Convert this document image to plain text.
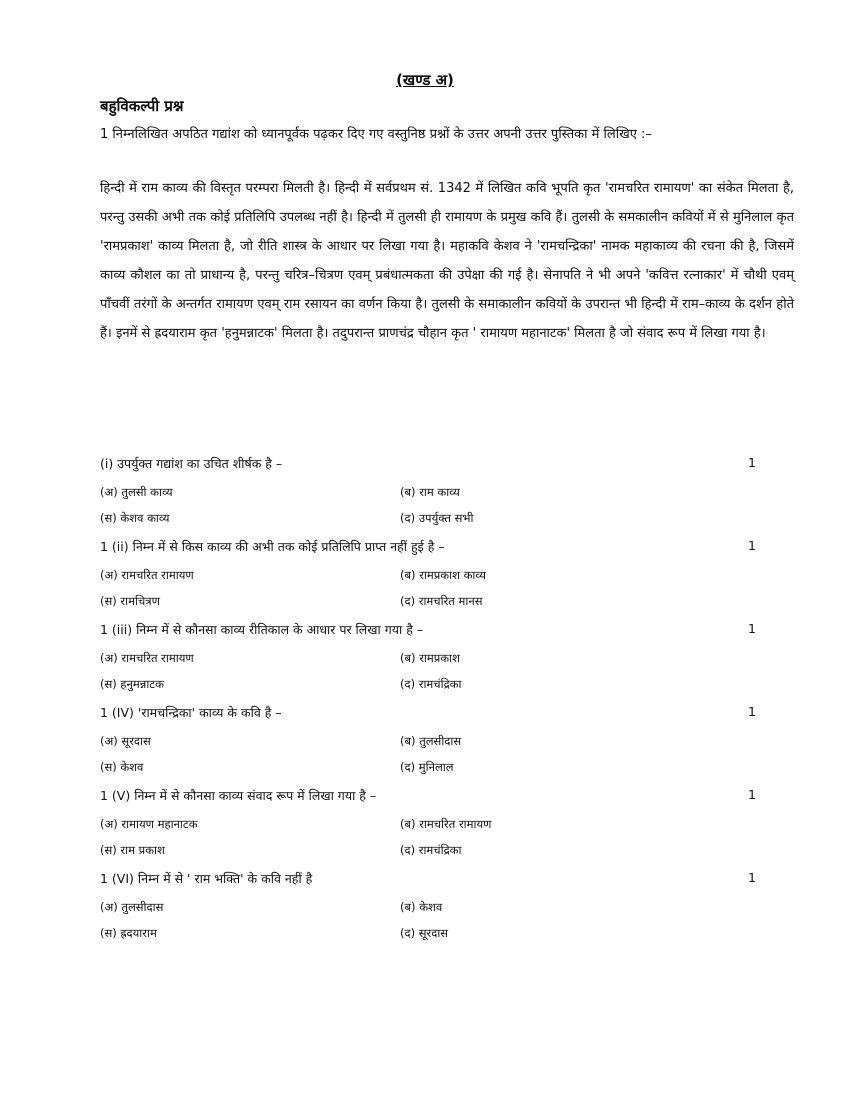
(खण्ड अ)
बहुविकल्पी प्रश्न
1 निम्नलिखित अपठित गद्यांश को ध्यानपूर्वक पढ़कर दिए गए वस्तुनिष्ठ प्रश्नों के उत्तर अपनी उत्तर पुस्तिका में लिखिए :–
हिन्दी में राम काव्य की विस्तृत परम्परा मिलती है। हिन्दी में सर्वप्रथम सं. 1342 में लिखित कवि भूपति कृत 'रामचरित रामायण' का संकेत मिलता है, परन्तु उसकी अभी तक कोई प्रतिलिपि उपलब्ध नहीं है। हिन्दी में तुलसी ही रामायण के प्रमुख कवि हैं। तुलसी के समकालीन कवियों में से मुनिलाल कृत 'रामप्रकाश' काव्य मिलता है, जो रीति शास्त्र के आधार पर लिखा गया है। महाकवि केशव ने 'रामचन्द्रिका' नामक महाकाव्य की रचना की है, जिसमें काव्य कौशल का तो प्राधान्य है, परन्तु चरित्र–चित्रण एवम् प्रबंधात्मकता की उपेक्षा की गई है। सेनापति ने भी अपने 'कवित्त रत्नाकार' में चौथी एवम् पाँचवीं तरंगों के अन्तर्गत रामायण एवम् राम रसायन का वर्णन किया है। तुलसी के समाकालीन कवियों के उपरान्त भी हिन्दी में राम–काव्य के दर्शन होते हैं। इनमें से ह्रदयाराम कृत 'हनुमन्नाटक' मिलता है। तदुपरान्त प्राणचंद्र चौहान कृत ' रामायण महानाटक' मिलता है जो संवाद रूप में लिखा गया है।
(i) उपर्युक्त गद्यांश का उचित शीर्षक है –	1
(अ) तुलसी काव्य	(ब) राम काव्य
(स) केशव काव्य	(द) उपर्युक्त सभी
1 (ii) निम्न में से किस काव्य की अभी तक कोई प्रतिलिपि प्राप्त नहीं हुई है –	1
(अ) रामचरित रामायण	(ब) रामप्रकाश काव्य
(स) रामचित्रण	(द) रामचरित मानस
1 (iii) निम्न में से कौनसा काव्य रीतिकाल के आधार पर लिखा गया है –	1
(अ) रामचरित रामायण	(ब) रामप्रकाश
(स) हनुमन्नाटक	(द) रामचंद्रिका
1 (IV) 'रामचन्द्रिका' काव्य के कवि है –	1
(अ) सूरदास	(ब) तुलसीदास
(स) केशव	(द) मुनिलाल
1 (V) निम्न में से कौनसा काव्य संवाद रूप में लिखा गया है –	1
(अ) रामायण महानाटक	(ब) रामचरित रामायण
(स) राम प्रकाश	(द) रामचंद्रिका
1 (VI) निम्न में से ' राम भक्ति' के कवि नहीं है	1
(अ) तुलसीदास	(ब) केशव
(स) ह्रदयाराम	(द) सूरदास
